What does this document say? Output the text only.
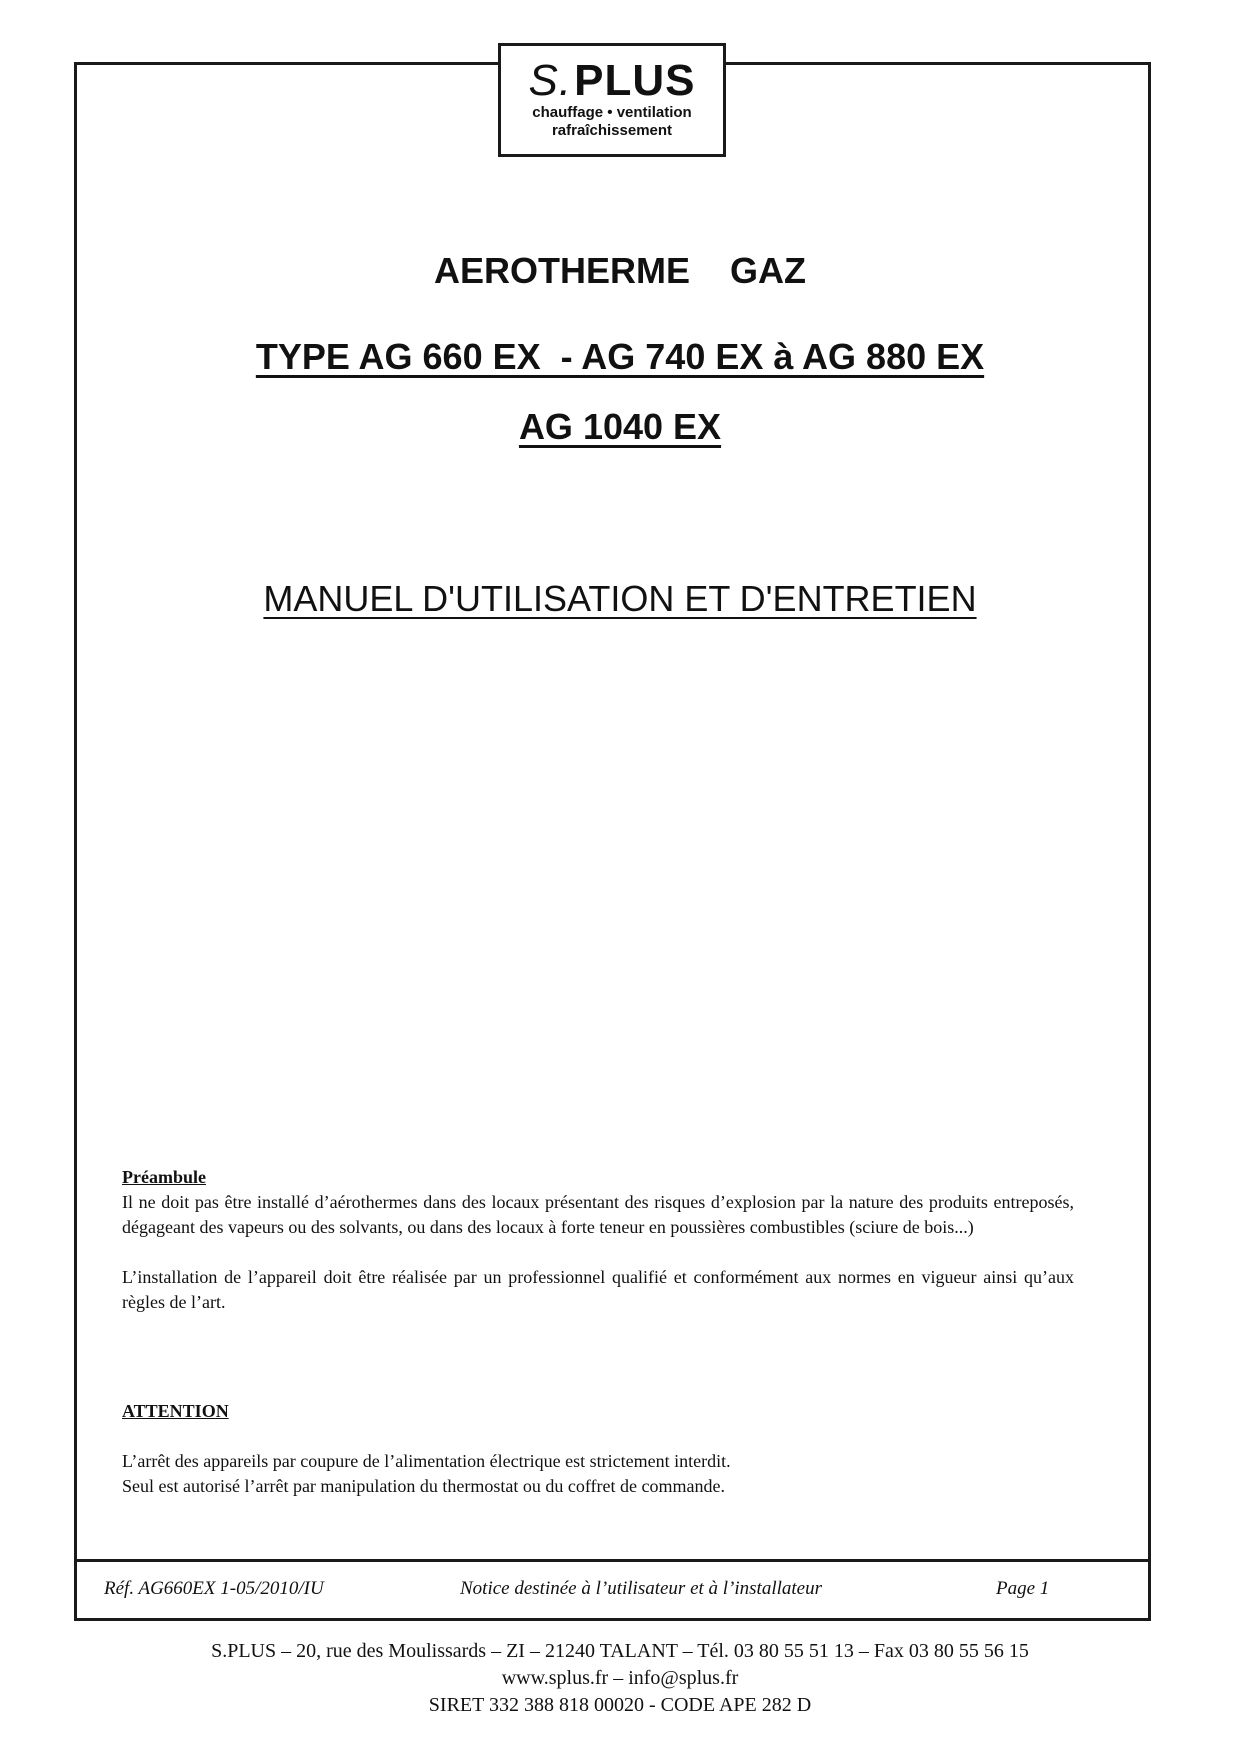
S.PLUS
chauffage • ventilation
rafraîchissement
AEROTHERME GAZ
TYPE AG 660 EX  - AG 740 EX à AG 880 EX
AG 1040 EX
MANUEL D'UTILISATION ET D'ENTRETIEN
Préambule

Il ne doit pas être installé d’aérothermes dans des locaux présentant des risques d’explosion par la nature des produits entreposés, dégageant des vapeurs ou des solvants, ou dans des locaux à forte teneur en poussières combustibles (sciure de bois...)

L’installation de l’appareil doit être réalisée par un professionnel qualifié et conformément aux normes en vigueur ainsi qu’aux règles de l’art.

ATTENTION

L’arrêt des appareils par coupure de l’alimentation électrique est strictement interdit.

Seul est autorisé l’arrêt par manipulation du thermostat ou du coffret de commande.

Réf. AG660EX 1-05/2010/IU	Notice destinée à l’utilisateur et à l’installateur	Page 1
S.PLUS – 20, rue des Moulissards – ZI – 21240 TALANT – Tél. 03 80 55 51 13 – Fax 03 80 55 56 15
www.splus.fr – info@splus.fr
SIRET 332 388 818 00020 - CODE APE 282 D
